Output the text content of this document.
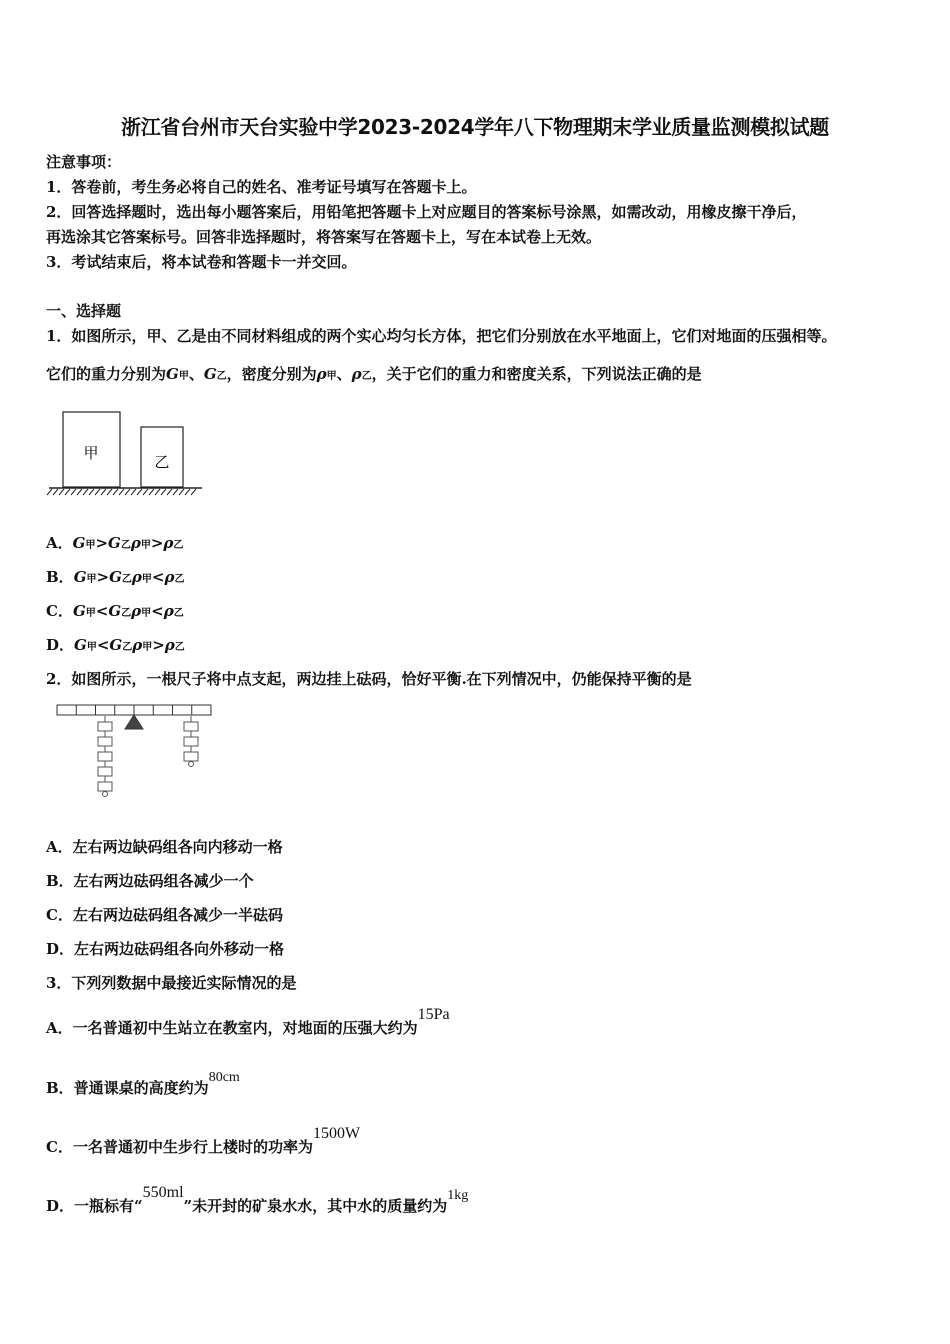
浙江省台州市天台实验中学2023-2024学年八下物理期末学业质量监测模拟试题
注意事项：
1．答卷前，考生务必将自己的姓名、准考证号填写在答题卡上。
2．回答选择题时，选出每小题答案后，用铅笔把答题卡上对应题目的答案标号涂黑，如需改动，用橡皮擦干净后，
再选涂其它答案标号。回答非选择题时，将答案写在答题卡上，写在本试卷上无效。
3．考试结束后，将本试卷和答题卡一并交回。
一、选择题
1．如图所示，甲、乙是由不同材料组成的两个实心均匀长方体，把它们分别放在水平地面上，它们对地面的压强相等。
它们的重力分别为G甲、G乙，密度分别为ρ甲、ρ乙，关于它们的重力和密度关系，下列说法正确的是
甲	乙
A．G甲>G乙ρ甲>ρ乙
B．G甲>G乙ρ甲<ρ乙
C．G甲<G乙ρ甲<ρ乙
D．G甲<G乙ρ甲>ρ乙
2．如图所示，一根尺子将中点支起，两边挂上砝码，恰好平衡.在下列情况中，仍能保持平衡的是
A．左右两边缺码组各向内移动一格
B．左右两边砝码组各减少一个
C．左右两边砝码组各减少一半砝码
D．左右两边砝码组各向外移动一格
3．下列列数据中最接近实际情况的是
A．一名普通初中生站立在教室内，对地面的压强大约为15Pa
B．普通课桌的高度约为80cm
C．一名普通初中生步行上楼时的功率为1500W
D．一瓶标有“550ml”未开封的矿泉水水，其中水的质量约为1kg
